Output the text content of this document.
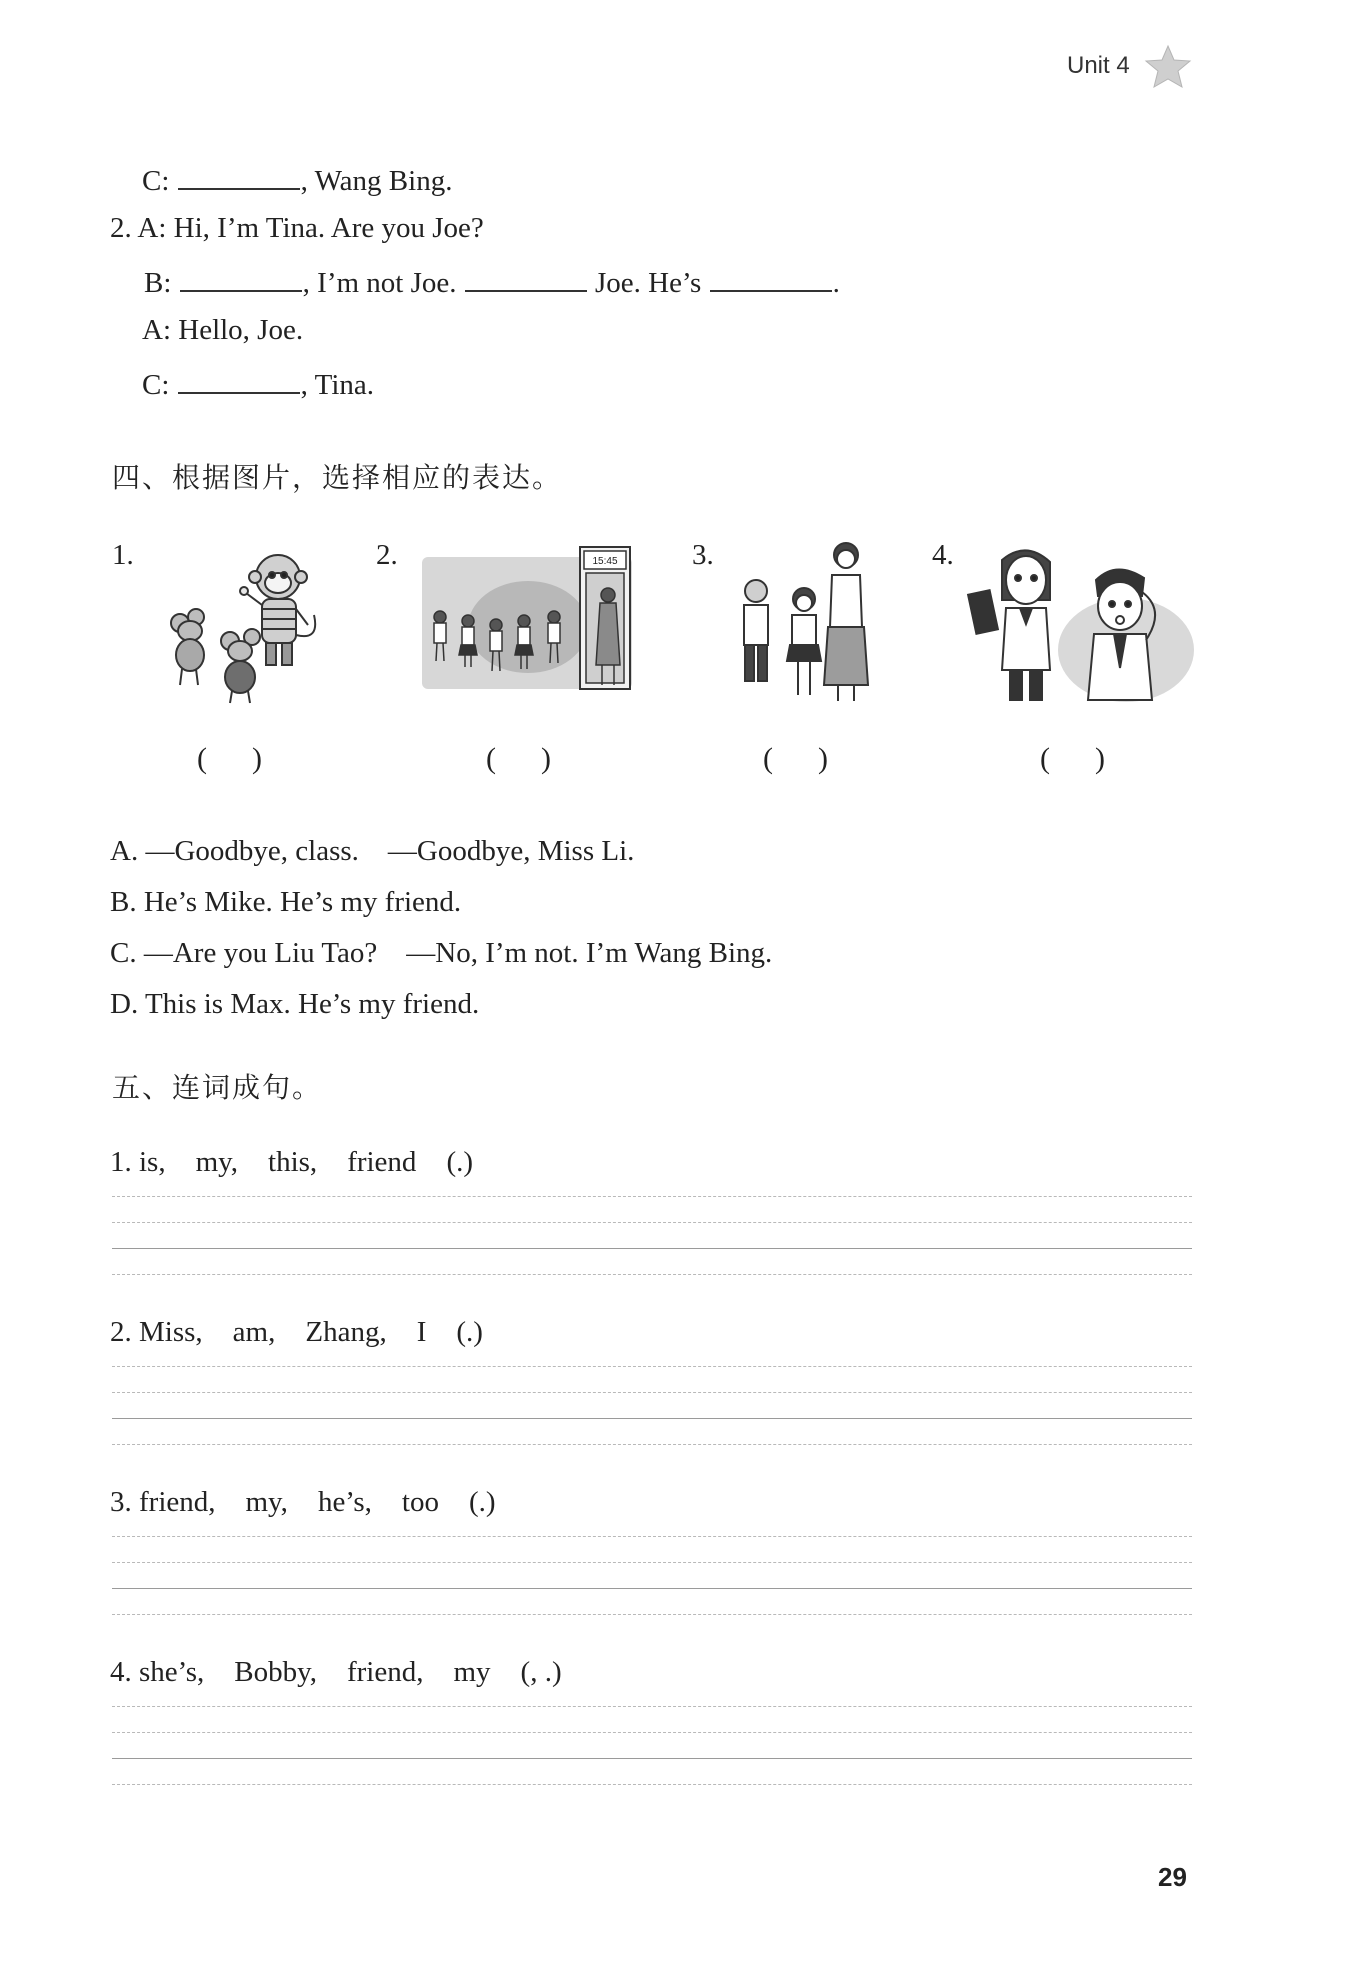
Unit 4
C:	, Wang Bing.
2. A: Hi, I’m Tina. Are you Joe?
B:	, I’m not Joe.	Joe. He’s	.
A: Hello, Joe.
C:	, Tina.
四、根据图片，选择相应的表达。
1.	2.	3.	4.
15:45
(      )	(      )	(      )	(      )
A. —Goodbye, class.    —Goodbye, Miss Li.
B. He’s Mike. He’s my friend.
C. —Are you Liu Tao?    —No, I’m not. I’m Wang Bing.
D. This is Max. He’s my friend.
五、连词成句。
1. is, my, this, friend (.)
2. Miss, am, Zhang, I (.)
3. friend, my, he’s, too (.)
4. she’s, Bobby, friend, my (, .)
29
